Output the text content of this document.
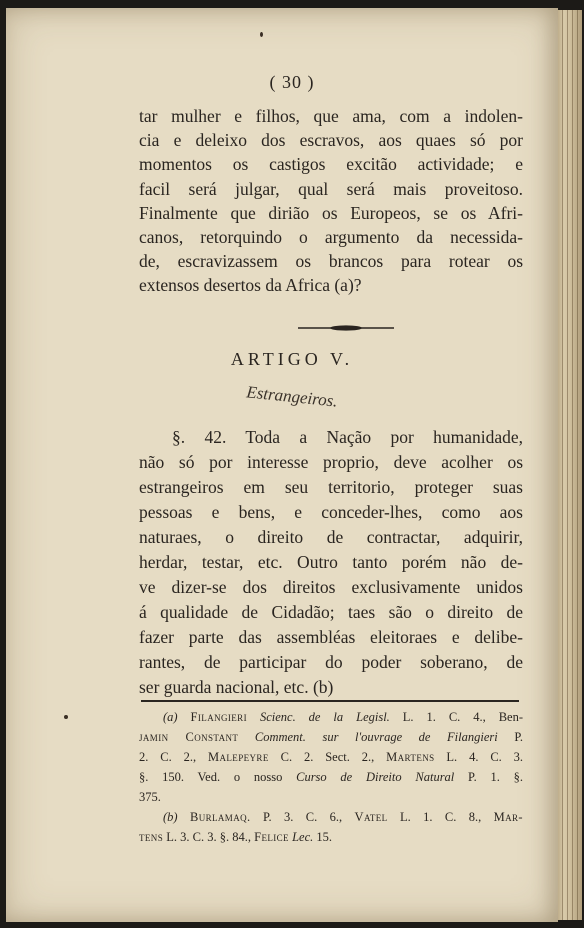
( 30 )
tar mulher e filhos, que ama, com a indolen-
cia e deleixo dos escravos, aos quaes só por
momentos os castigos excitão actividade; e
facil será julgar, qual será mais proveitoso.
Finalmente que dirião os Europeos, se os Afri-
canos, retorquindo o argumento da necessida-
de, escravizassem os brancos para rotear os
extensos desertos da Africa (a)?
ARTIGO V.
Estrangeiros.
§. 42. Toda a Nação por humanidade,
não só por interesse proprio, deve acolher os
estrangeiros em seu territorio, proteger suas
pessoas e bens, e conceder-lhes, como aos
naturaes, o direito de contractar, adquirir,
herdar, testar, etc. Outro tanto porém não de-
ve dizer-se dos direitos exclusivamente unidos
á qualidade de Cidadão; taes são o direito de
fazer parte das assembléas eleitoraes e delibe-
rantes, de participar do poder soberano, de
ser guarda nacional, etc. (b)
(a) Filangieri Scienc. de la Legisl. L. 1. C. 4., Ben-
jamin Constant Comment. sur l'ouvrage de Filangieri P.
2. C. 2., Malepeyre C. 2. Sect. 2., Martens L. 4. C. 3.
§. 150. Ved. o nosso Curso de Direito Natural P. 1. §.
375.
(b) Burlamaq. P. 3. C. 6., Vatel L. 1. C. 8., Mar-
tens L. 3. C. 3. §. 84., Felice Lec. 15.
